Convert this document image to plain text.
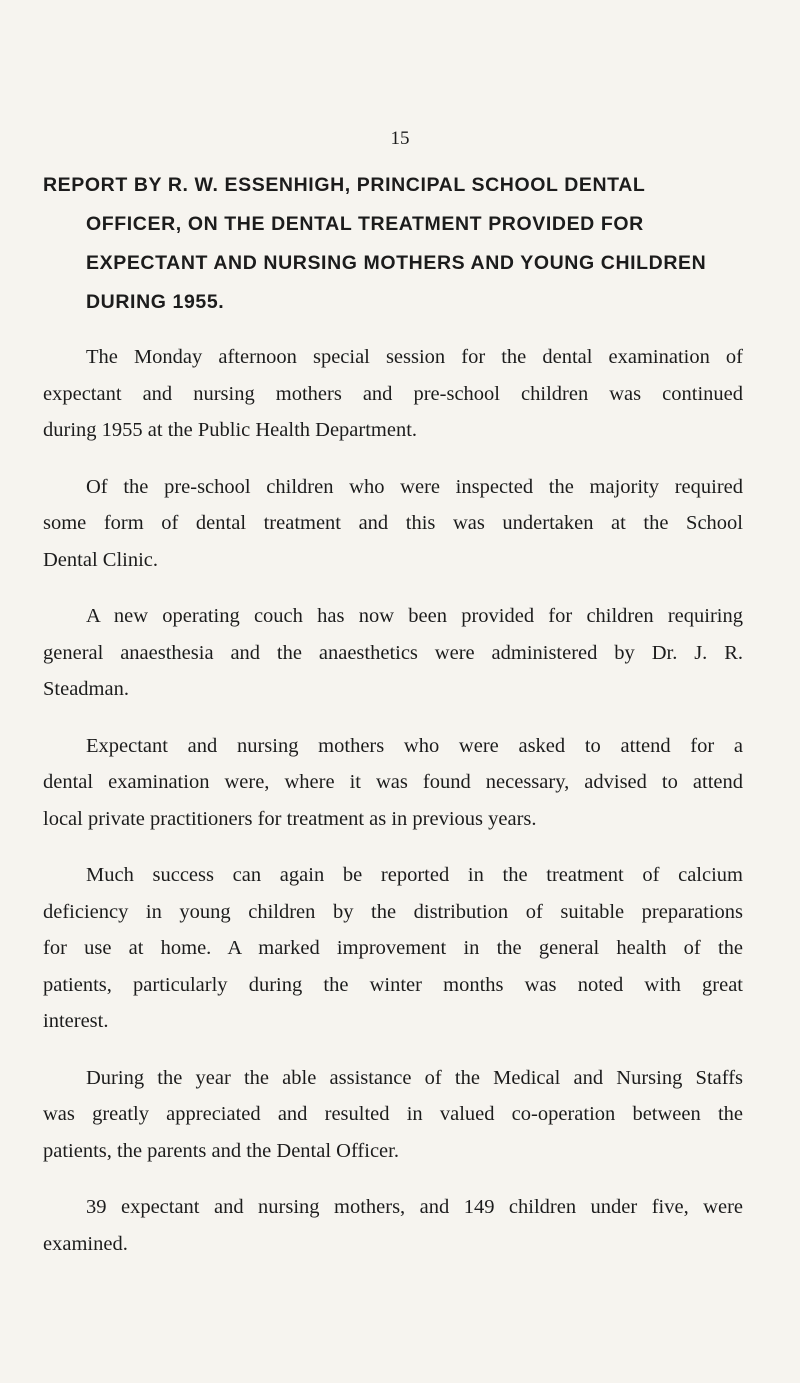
15
REPORT BY R. W. ESSENHIGH, PRINCIPAL SCHOOL DENTAL
OFFICER, ON THE DENTAL TREATMENT PROVIDED FOR
EXPECTANT AND NURSING MOTHERS AND YOUNG CHILDREN
DURING 1955.

The Monday afternoon special session for the dental examination of
expectant and nursing mothers and pre-school children was continued
during 1955 at the Public Health Department.

Of the pre-school children who were inspected the majority required
some form of dental treatment and this was undertaken at the School
Dental Clinic.

A new operating couch has now been provided for children requiring
general anaesthesia and the anaesthetics were administered by Dr. J. R.
Steadman.

Expectant and nursing mothers who were asked to attend for a
dental examination were, where it was found necessary, advised to attend
local private practitioners for treatment as in previous years.

Much success can again be reported in the treatment of calcium
deficiency in young children by the distribution of suitable preparations
for use at home. A marked improvement in the general health of the
patients, particularly during the winter months was noted with great
interest.

During the year the able assistance of the Medical and Nursing Staffs
was greatly appreciated and resulted in valued co-operation between the
patients, the parents and the Dental Officer.

39 expectant and nursing mothers, and 149 children under five, were
examined.
